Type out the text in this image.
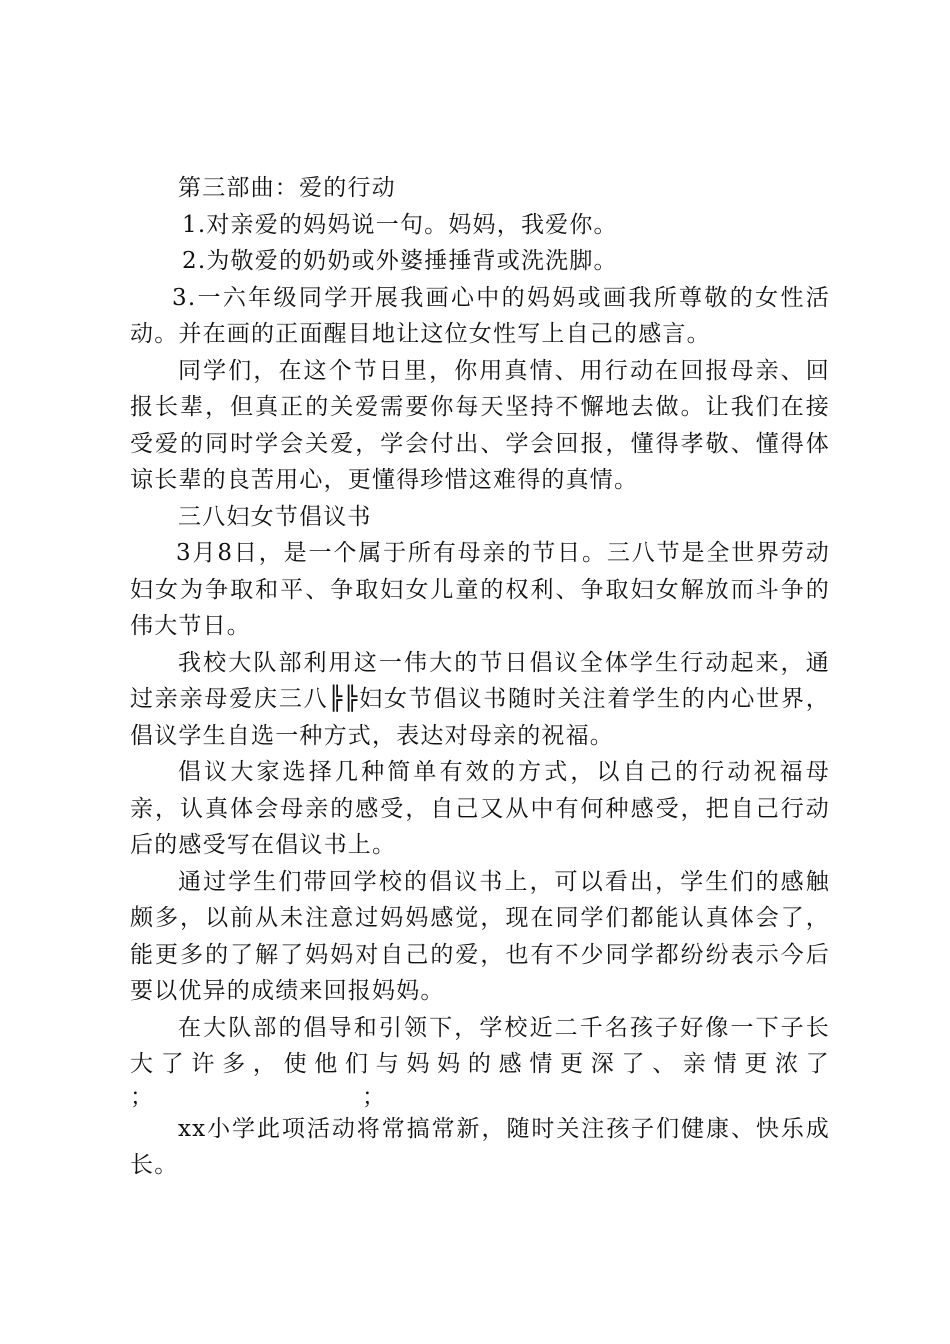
第三部曲：爱的行动

1.对亲爱的妈妈说一句。妈妈，我爱你。

2.为敬爱的奶奶或外婆捶捶背或洗洗脚。

3.一六年级同学开展我画心中的妈妈或画我所尊敬的女性活动。并在画的正面醒目地让这位女性写上自己的感言。

同学们，在这个节日里，你用真情、用行动在回报母亲、回报长辈，但真正的关爱需要你每天坚持不懈地去做。让我们在接受爱的同时学会关爱，学会付出、学会回报，懂得孝敬、懂得体谅长辈的良苦用心，更懂得珍惜这难得的真情。

三八妇女节倡议书

3月8日，是一个属于所有母亲的节日。三八节是全世界劳动妇女为争取和平、争取妇女儿童的权利、争取妇女解放而斗争的伟大节日。

我校大队部利用这一伟大的节日倡议全体学生行动起来，通过亲亲母爱庆三八╠╠妇女节倡议书随时关注着学生的内心世界，倡议学生自选一种方式，表达对母亲的祝福。

倡议大家选择几种简单有效的方式，以自己的行动祝福母亲，认真体会母亲的感受，自己又从中有何种感受，把自己行动后的感受写在倡议书上。

通过学生们带回学校的倡议书上，可以看出，学生们的感触颇多，以前从未注意过妈妈感觉，现在同学们都能认真体会了，能更多的了解了妈妈对自己的爱，也有不少同学都纷纷表示今后要以优异的成绩来回报妈妈。

在大队部的倡导和引领下，学校近二千名孩子好像一下子长大了许多，使他们与妈妈的感情更深了、亲情更浓了

；	；

xx小学此项活动将常搞常新，随时关注孩子们健康、快乐成长。
